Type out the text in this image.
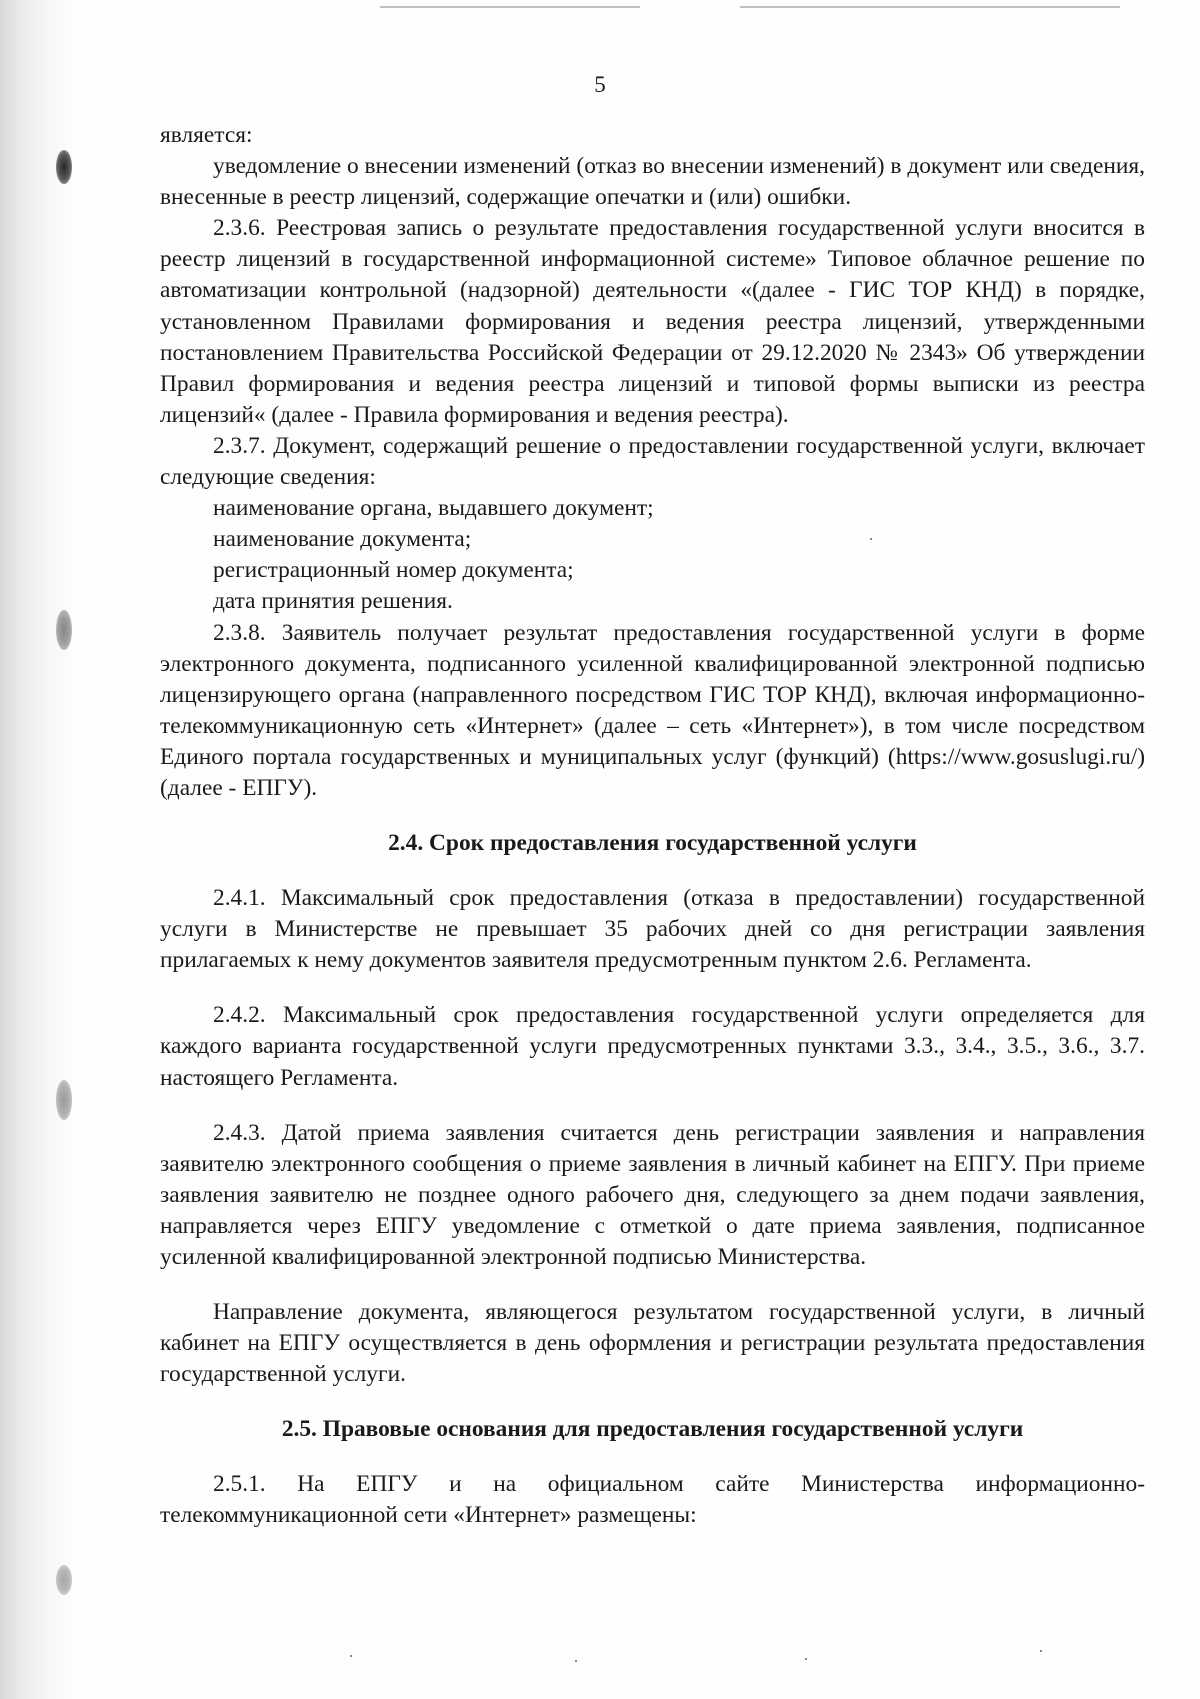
5

является:

уведомление о внесении изменений (отказ во внесении изменений) в документ или сведения, внесенные в реестр лицензий, содержащие опечатки и (или) ошибки.

2.3.6. Реестровая запись о результате предоставления государственной услуги вносится в реестр лицензий в государственной информационной системе» Типовое облачное решение по автоматизации контрольной (надзорной) деятельности «(далее - ГИС ТОР КНД) в порядке, установленном Правилами формирования и ведения реестра лицензий, утвержденными постановлением Правительства Российской Федерации от 29.12.2020 № 2343» Об утверждении Правил формирования и ведения реестра лицензий и типовой формы выписки из реестра лицензий« (далее - Правила формирования и ведения реестра).

2.3.7. Документ, содержащий решение о предоставлении государственной услуги, включает следующие сведения:

наименование органа, выдавшего документ;

наименование документа;

регистрационный номер документа;

дата принятия решения.

2.3.8. Заявитель получает результат предоставления государственной услуги в форме электронного документа, подписанного усиленной квалифицированной электронной подписью лицензирующего органа (направленного посредством ГИС ТОР КНД), включая информационно-телекоммуникационную сеть «Интернет» (далее – сеть «Интернет»), в том числе посредством Единого портала государственных и муниципальных услуг (функций) (https://www.gosuslugi.ru/) (далее - ЕПГУ).

2.4. Срок предоставления государственной услуги

2.4.1. Максимальный срок предоставления (отказа в предоставлении) государственной услуги в Министерстве не превышает 35 рабочих дней со дня регистрации заявления прилагаемых к нему документов заявителя предусмотренным пунктом 2.6. Регламента.

2.4.2. Максимальный срок предоставления государственной услуги определяется для каждого варианта государственной услуги предусмотренных пунктами 3.3., 3.4., 3.5., 3.6., 3.7. настоящего Регламента.

2.4.3. Датой приема заявления считается день регистрации заявления и направления заявителю электронного сообщения о приеме заявления в личный кабинет на ЕПГУ. При приеме заявления заявителю не позднее одного рабочего дня, следующего за днем подачи заявления, направляется через ЕПГУ уведомление с отметкой о дате приема заявления, подписанное усиленной квалифицированной электронной подписью Министерства.

Направление документа, являющегося результатом государственной услуги, в личный кабинет на ЕПГУ осуществляется в день оформления и регистрации результата предоставления государственной услуги.

2.5. Правовые основания для предоставления государственной услуги

2.5.1. На ЕПГУ и на официальном сайте Министерства информационно-телекоммуникационной сети «Интернет» размещены:
